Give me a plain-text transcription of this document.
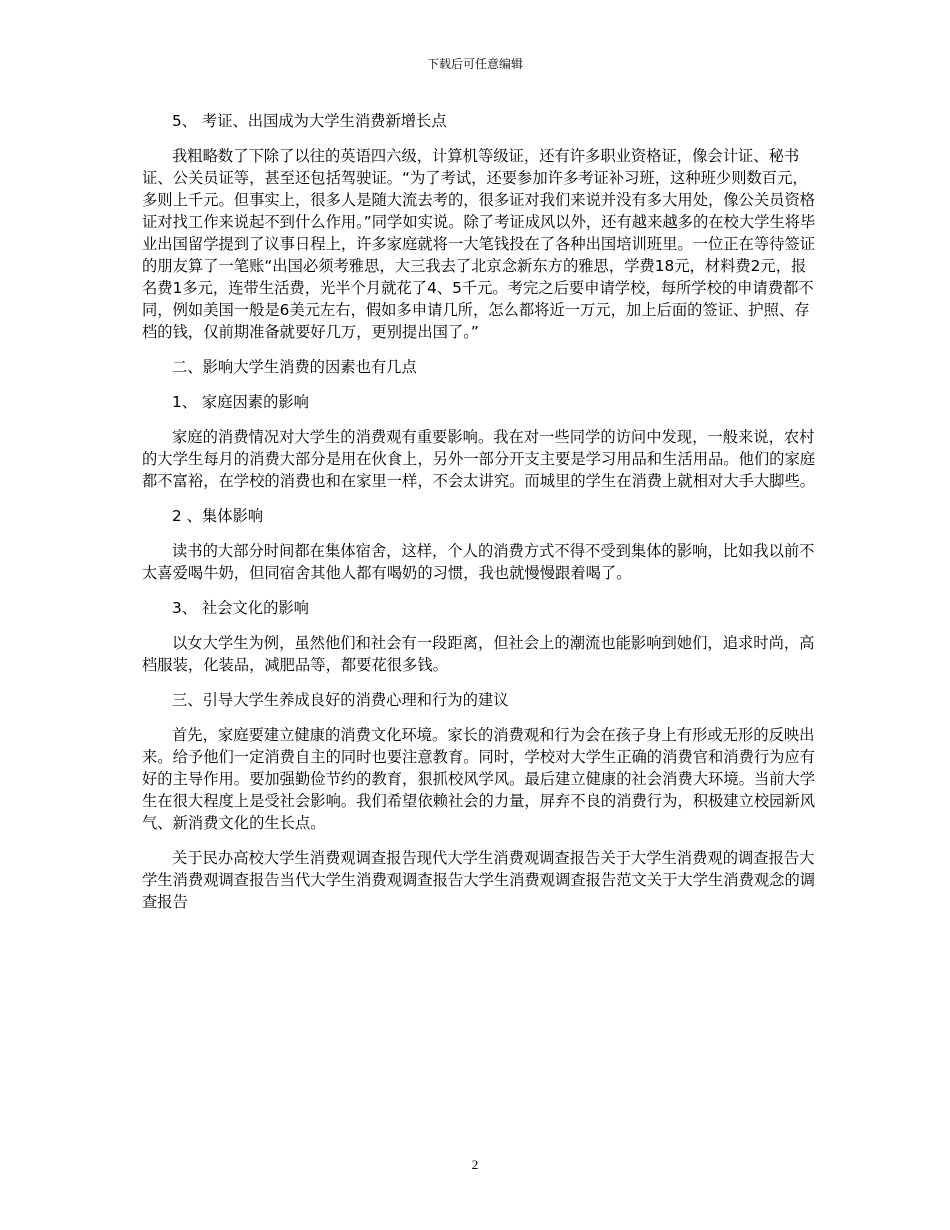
下载后可任意编辑
5、 考证、出国成为大学生消费新增长点
我粗略数了下除了以往的英语四六级，计算机等级证，还有许多职业资格证，像会计证、秘书证、公关员证等，甚至还包括驾驶证。“为了考试，还要参加许多考证补习班，这种班少则数百元，多则上千元。但事实上，很多人是随大流去考的，很多证对我们来说并没有多大用处，像公关员资格证对找工作来说起不到什么作用。”同学如实说。除了考证成风以外，还有越来越多的在校大学生将毕业出国留学提到了议事日程上，许多家庭就将一大笔钱投在了各种出国培训班里。一位正在等待签证的朋友算了一笔账“出国必须考雅思，大三我去了北京念新东方的雅思，学费18元，材料费2元，报名费1多元，连带生活费，光半个月就花了4、5千元。考完之后要申请学校，每所学校的申请费都不同，例如美国一般是6美元左右，假如多申请几所，怎么都将近一万元，加上后面的签证、护照、存档的钱，仅前期准备就要好几万，更别提出国了。”
二、影响大学生消费的因素也有几点
1、 家庭因素的影响
家庭的消费情况对大学生的消费观有重要影响。我在对一些同学的访问中发现，一般来说，农村的大学生每月的消费大部分是用在伙食上，另外一部分开支主要是学习用品和生活用品。他们的家庭都不富裕，在学校的消费也和在家里一样，不会太讲究。而城里的学生在消费上就相对大手大脚些。
2 、集体影响
读书的大部分时间都在集体宿舍，这样，个人的消费方式不得不受到集体的影响，比如我以前不太喜爱喝牛奶，但同宿舍其他人都有喝奶的习惯，我也就慢慢跟着喝了。
3、 社会文化的影响
以女大学生为例，虽然他们和社会有一段距离，但社会上的潮流也能影响到她们，追求时尚，高档服装，化装品，减肥品等，都要花很多钱。
三、引导大学生养成良好的消费心理和行为的建议
首先，家庭要建立健康的消费文化环境。家长的消费观和行为会在孩子身上有形或无形的反映出来。给予他们一定消费自主的同时也要注意教育。同时，学校对大学生正确的消费官和消费行为应有好的主导作用。要加强勤俭节约的教育，狠抓校风学风。最后建立健康的社会消费大环境。当前大学生在很大程度上是受社会影响。我们希望依赖社会的力量，屏弃不良的消费行为，积极建立校园新风气、新消费文化的生长点。
关于民办高校大学生消费观调查报告现代大学生消费观调查报告关于大学生消费观的调查报告大学生消费观调查报告当代大学生消费观调查报告大学生消费观调查报告范文关于大学生消费观念的调查报告
2
